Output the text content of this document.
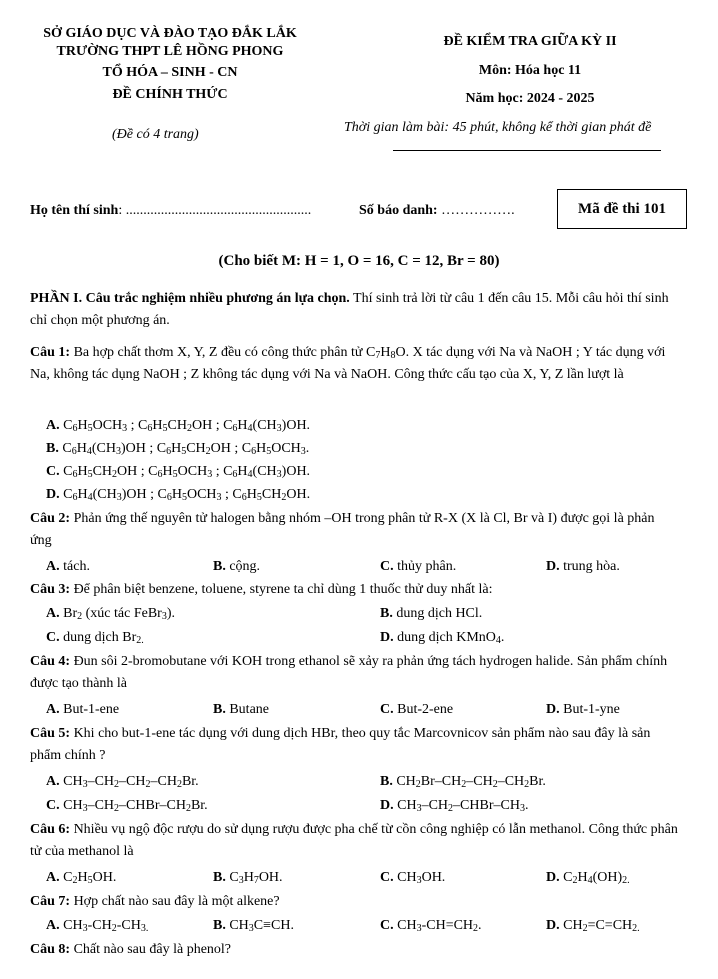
SỞ GIÁO DỤC VÀ ĐÀO TẠO ĐẮK LẮK
TRƯỜNG THPT LÊ HỒNG PHONG
TỔ HÓA – SINH - CN
ĐỀ CHÍNH THỨC
(Đề có 4 trang)
ĐỀ KIỂM TRA GIỮA KỲ II
Môn: Hóa học 11
Năm học: 2024 - 2025
Thời gian làm bài: 45 phút, không kể thời gian phát đề
Họ tên thí sinh: .....................................................	Số báo danh: …………….	Mã đề thi 101
(Cho biết M: H = 1, O = 16, C = 12, Br = 80)
PHẦN I. Câu trắc nghiệm nhiều phương án lựa chọn. Thí sinh trả lời từ câu 1 đến câu 15. Mỗi câu hỏi thí sinh chỉ chọn một phương án.
Câu 1: Ba hợp chất thơm X, Y, Z đều có công thức phân tử $C_7H_8O$. X tác dụng với Na và NaOH ; Y tác dụng với Na, không tác dụng NaOH ; Z không tác dụng với Na và NaOH. Công thức cấu tạo của X, Y, Z lần lượt là
A. $C_6H_5OCH_3$ ; $C_6H_5CH_2OH$ ; $C_6H_4(CH_3)OH$.
B. $C_6H_4(CH_3)OH$ ; $C_6H_5CH_2OH$ ; $C_6H_5OCH_3$.
C. $C_6H_5CH_2OH$ ; $C_6H_5OCH_3$ ; $C_6H_4(CH_3)OH$.
D. $C_6H_4(CH_3)OH$ ; $C_6H_5OCH_3$ ; $C_6H_5CH_2OH$.
Câu 2: Phản ứng thế nguyên tử halogen bằng nhóm –OH trong phân tử R-X (X là Cl, Br và I) được gọi là phản ứng
A. tách.	B. cộng.	C. thủy phân.	D. trung hòa.
Câu 3: Để phân biệt benzene, toluene, styrene ta chỉ dùng 1 thuốc thử duy nhất là:
A. $Br_2$ (xúc tác FeBr$_3$).	B. dung dịch HCl.
C. dung dịch $Br_{2.}$	D. dung dịch KMnO$_4$.
Câu 4: Đun sôi 2-bromobutane với KOH trong ethanol sẽ xảy ra phản ứng tách hydrogen halide. Sản phẩm chính được tạo thành là
A. But-1-ene	B. Butane	C. But-2-ene	D. But-1-yne
Câu 5: Khi cho but-1-ene tác dụng với dung dịch HBr, theo quy tắc Marcovnicov sản phẩm nào sau đây là sản phẩm chính ?
A. $CH_3-CH_2-CH_2-CH_2Br$.	B. $CH_2Br-CH_2-CH_2-CH_2Br$.
C. $CH_3-CH_2-CHBr-CH_2Br$.	D. $CH_3-CH_2-CHBr-CH_3$.
Câu 6: Nhiều vụ ngộ độc rượu do sử dụng rượu được pha chế từ cồn công nghiệp có lẫn methanol. Công thức phân tử của methanol là
A. $C_2H_5OH$.	B. $C_3H_7OH$.	C. $CH_3OH$.	D. $C_2H_4(OH)_{2.}$
Câu 7: Hợp chất nào sau đây là một alkene?
A. $CH_3-CH_2-CH_{3.}$	B. $CH_3C\equiv CH$.	C. $CH_3-CH=CH_2$.	D. $CH_2=C=CH_{2.}$
Câu 8: Chất nào sau đây là phenol?
